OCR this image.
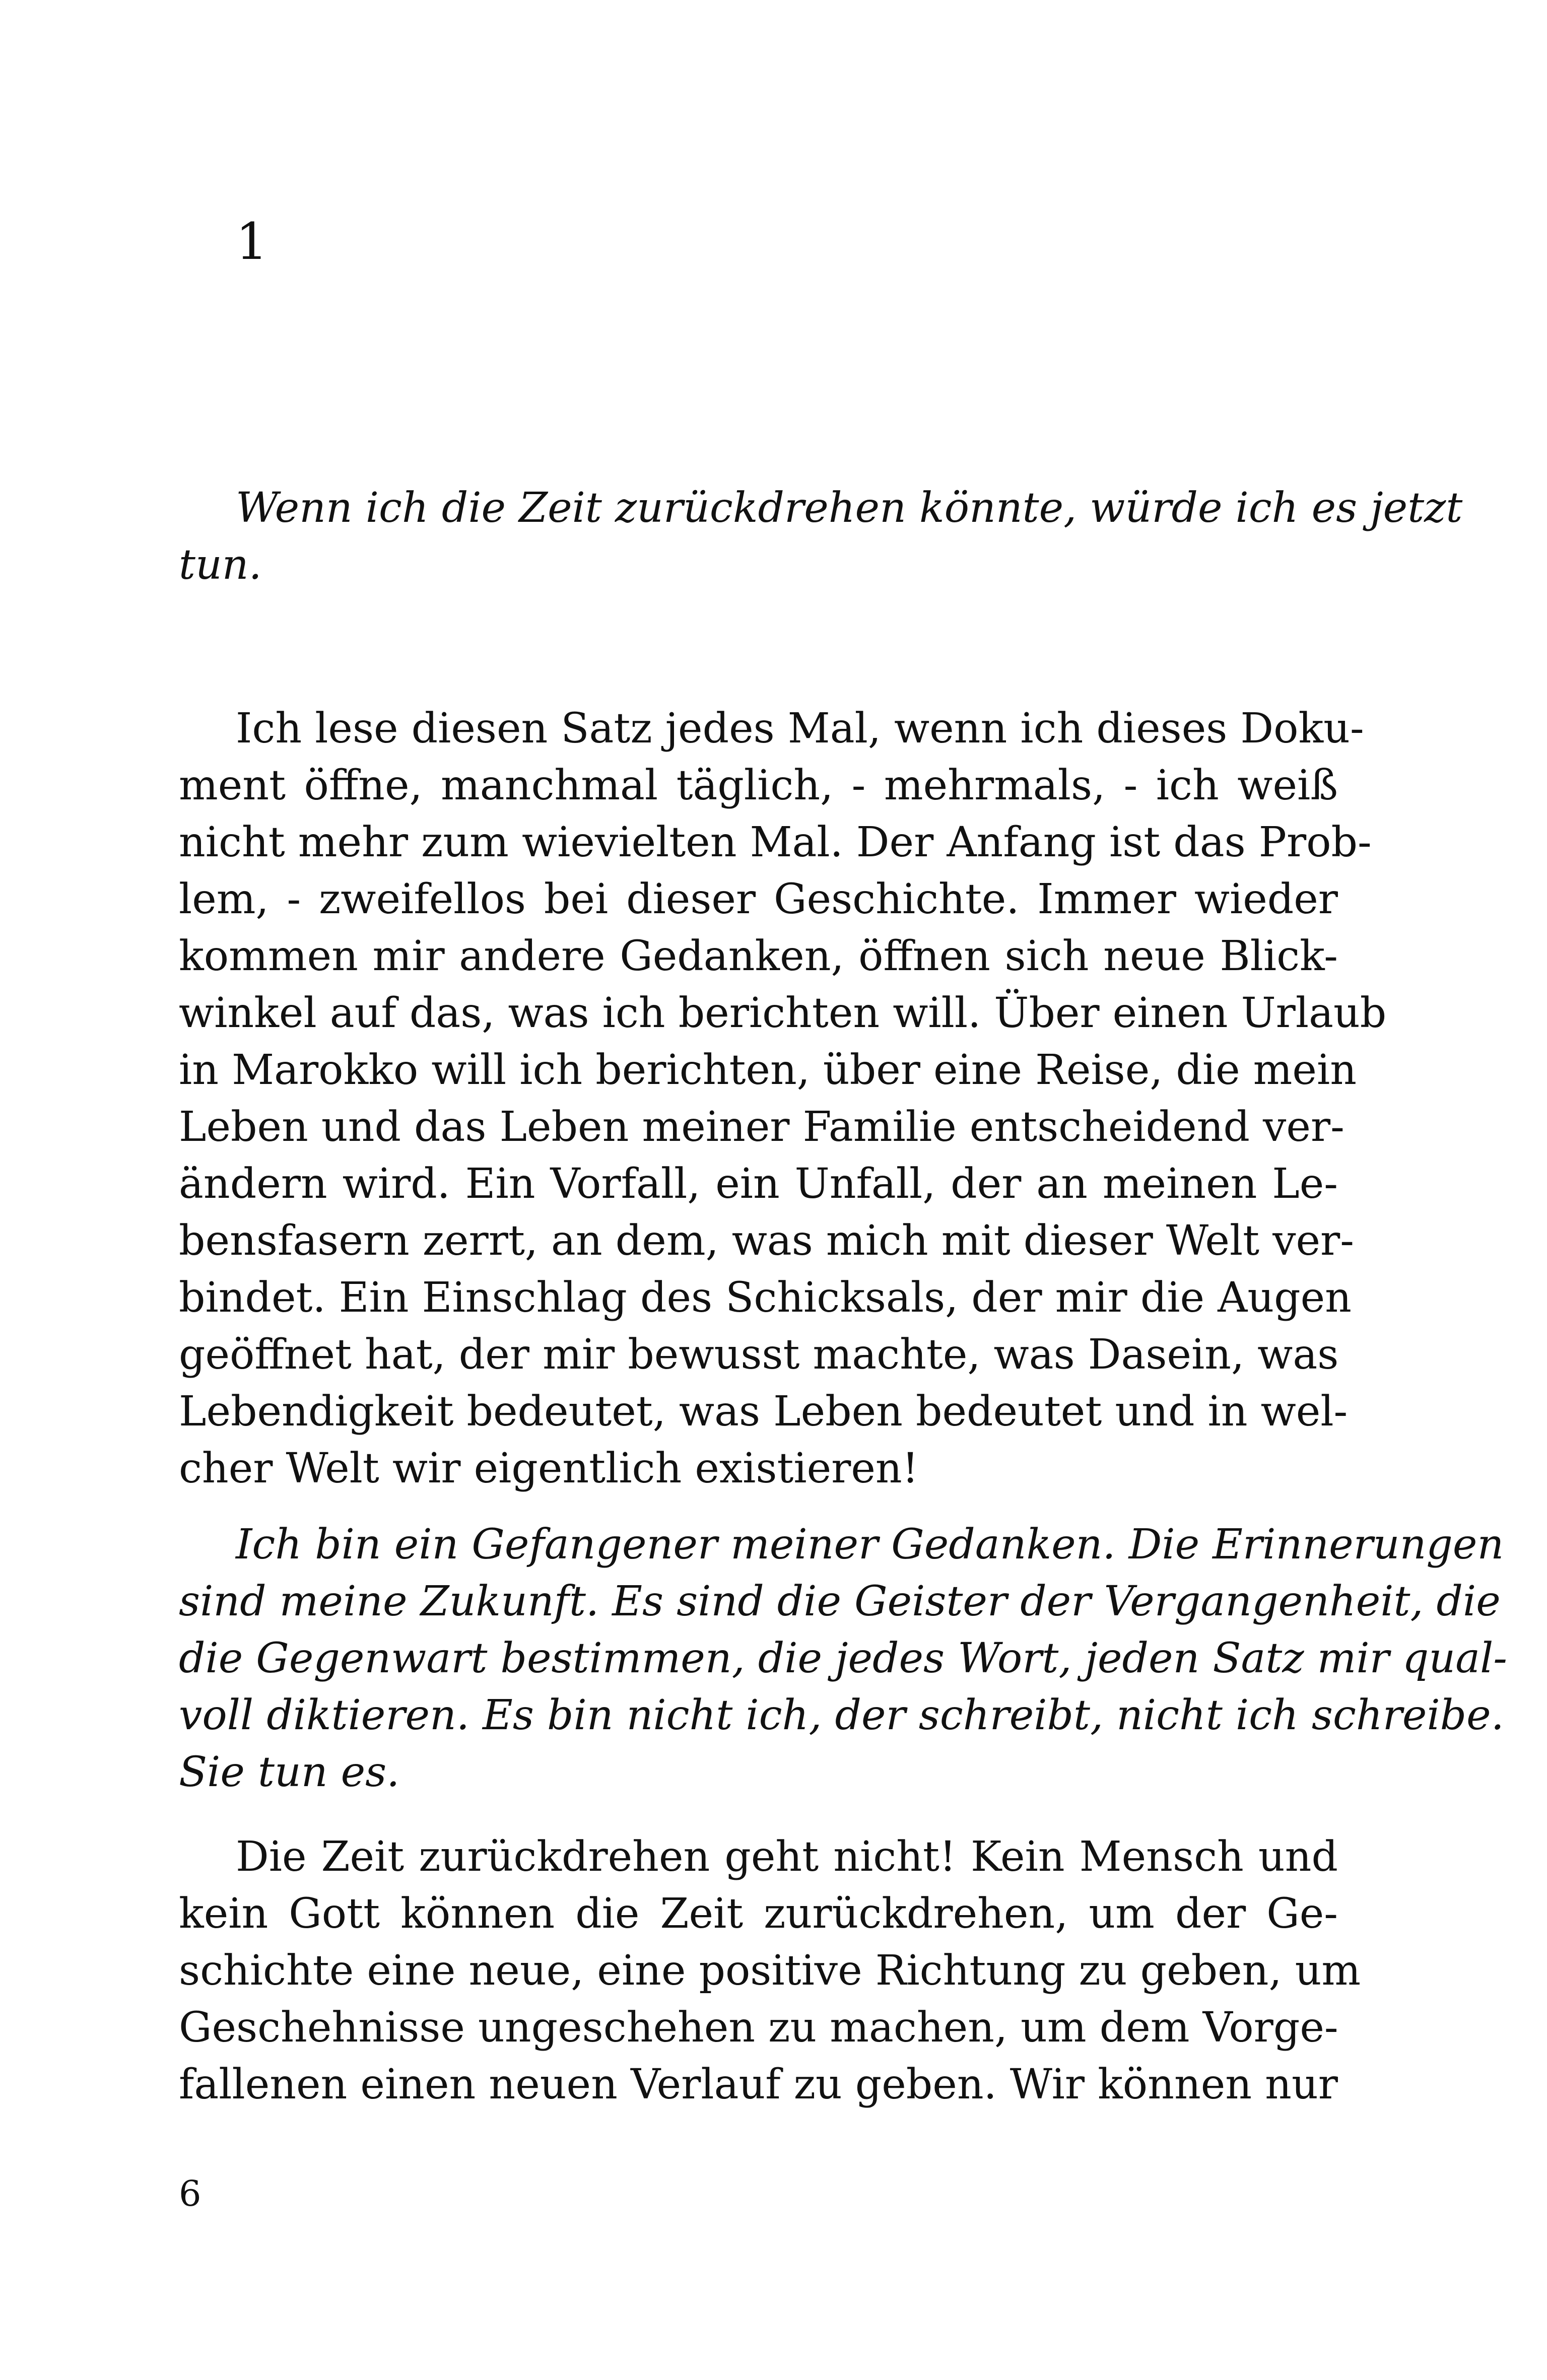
1
Wenn ich die Zeit zurückdrehen könnte, würde ich es jetzt
tun.
Ich lese diesen Satz jedes Mal, wenn ich dieses Doku-
ment öffne, manchmal täglich, - mehrmals, - ich weiß
nicht mehr zum wievielten Mal. Der Anfang ist das Prob-
lem, - zweifellos bei dieser Geschichte. Immer wieder
kommen mir andere Gedanken, öffnen sich neue Blick-
winkel auf das, was ich berichten will. Über einen Urlaub
in Marokko will ich berichten, über eine Reise, die mein
Leben und das Leben meiner Familie entscheidend ver-
ändern wird. Ein Vorfall, ein Unfall, der an meinen Le-
bensfasern zerrt, an dem, was mich mit dieser Welt ver-
bindet. Ein Einschlag des Schicksals, der mir die Augen
geöffnet hat, der mir bewusst machte, was Dasein, was
Lebendigkeit bedeutet, was Leben bedeutet und in wel-
cher Welt wir eigentlich existieren!
Ich bin ein Gefangener meiner Gedanken. Die Erinnerungen
sind meine Zukunft. Es sind die Geister der Vergangenheit, die
die Gegenwart bestimmen, die jedes Wort, jeden Satz mir qual-
voll diktieren. Es bin nicht ich, der schreibt, nicht ich schreibe.
Sie tun es.
Die Zeit zurückdrehen geht nicht! Kein Mensch und
kein Gott können die Zeit zurückdrehen, um der Ge-
schichte eine neue, eine positive Richtung zu geben, um
Geschehnisse ungeschehen zu machen, um dem Vorge-
fallenen einen neuen Verlauf zu geben. Wir können nur
6
